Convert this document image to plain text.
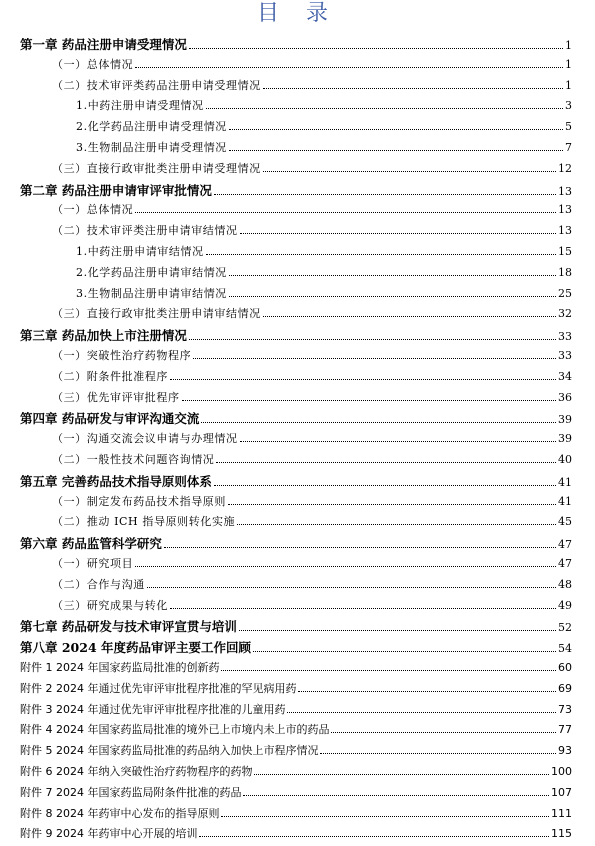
目 录
第一章 药品注册申请受理情况	1
（一）总体情况	1
（二）技术审评类药品注册申请受理情况	1
1.中药注册申请受理情况	3
2.化学药品注册申请受理情况	5
3.生物制品注册申请受理情况	7
（三）直接行政审批类注册申请受理情况	12
第二章 药品注册申请审评审批情况	13
（一）总体情况	13
（二）技术审评类注册申请审结情况	13
1.中药注册申请审结情况	15
2.化学药品注册申请审结情况	18
3.生物制品注册申请审结情况	25
（三）直接行政审批类注册申请审结情况	32
第三章 药品加快上市注册情况	33
（一）突破性治疗药物程序	33
（二）附条件批准程序	34
（三）优先审评审批程序	36
第四章 药品研发与审评沟通交流	39
（一）沟通交流会议申请与办理情况	39
（二）一般性技术问题咨询情况	40
第五章 完善药品技术指导原则体系	41
（一）制定发布药品技术指导原则	41
（二）推动 ICH 指导原则转化实施	45
第六章 药品监管科学研究	47
（一）研究项目	47
（二）合作与沟通	48
（三）研究成果与转化	49
第七章 药品研发与技术审评宣贯与培训	52
第八章 2024 年度药品审评主要工作回顾	54
附件 1 2024 年国家药监局批准的创新药	60
附件 2 2024 年通过优先审评审批程序批准的罕见病用药	69
附件 3 2024 年通过优先审评审批程序批准的儿童用药	73
附件 4 2024 年国家药监局批准的境外已上市境内未上市的药品	77
附件 5 2024 年国家药监局批准的药品纳入加快上市程序情况	93
附件 6 2024 年纳入突破性治疗药物程序的药物	100
附件 7 2024 年国家药监局附条件批准的药品	107
附件 8 2024 年药审中心发布的指导原则	111
附件 9 2024 年药审中心开展的培训	115
